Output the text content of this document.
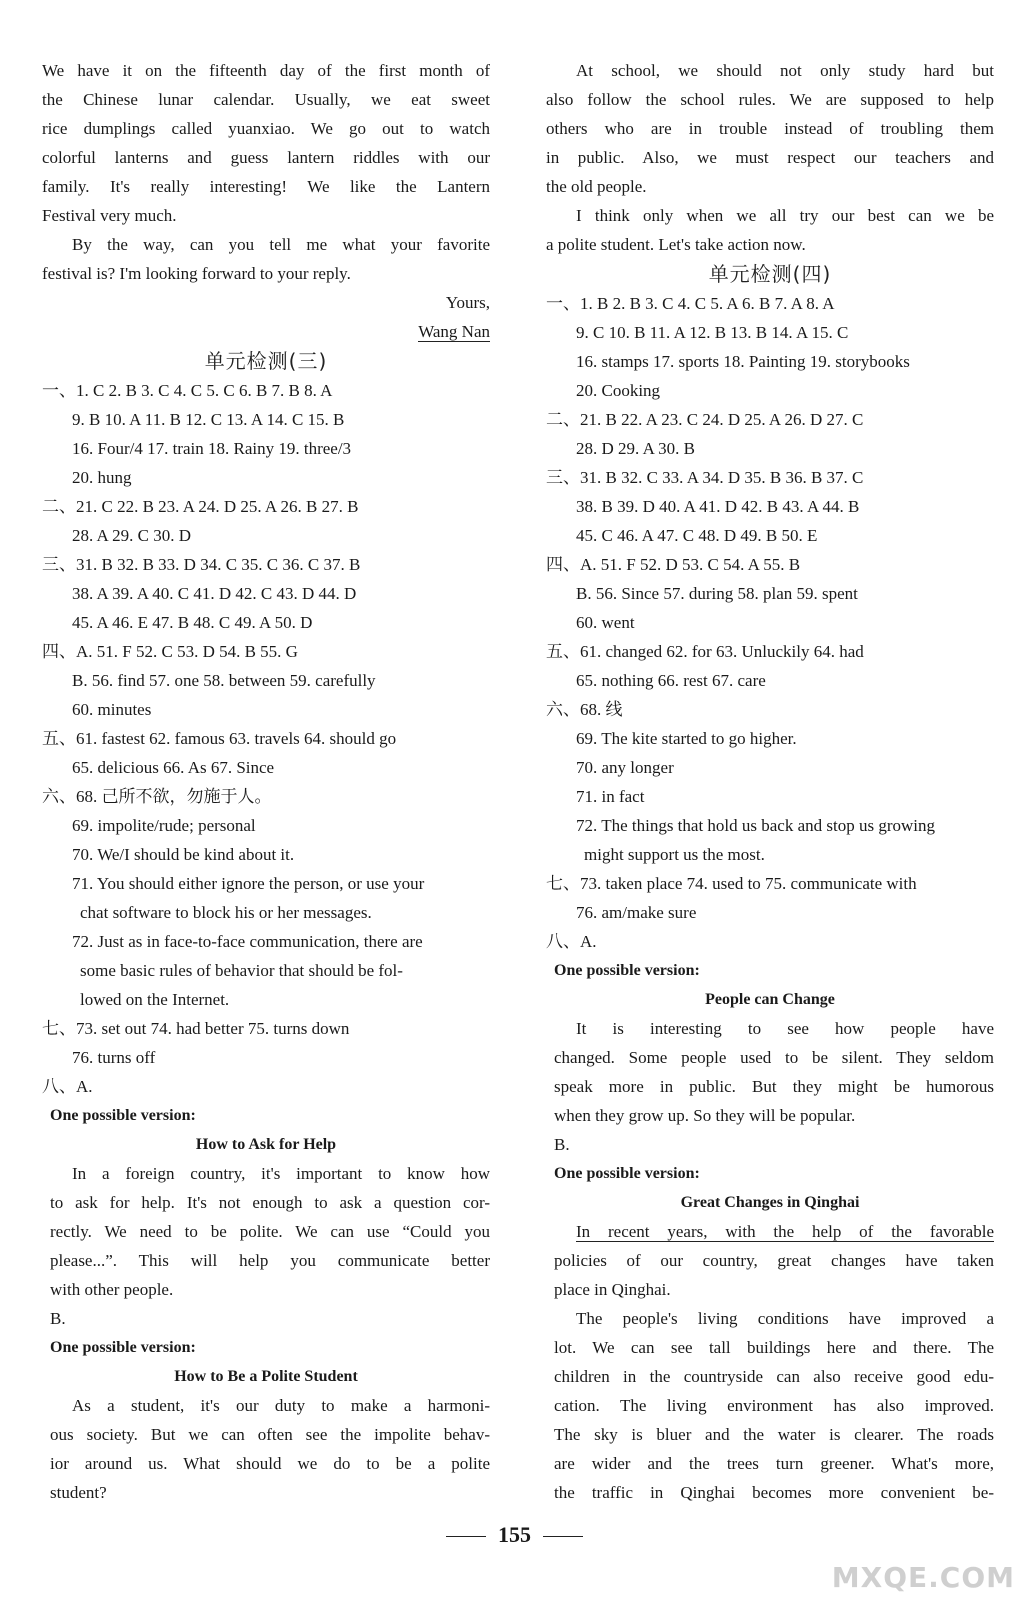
We have it on the fifteenth day of the first month of
the Chinese lunar calendar. Usually, we eat sweet
rice dumplings called yuanxiao. We go out to watch
colorful lanterns and guess lantern riddles with our
family. It's really interesting! We like the Lantern
Festival very much.
By the way, can you tell me what your favorite
festival is? I'm looking forward to your reply.
Yours,
Wang Nan
单元检测(三)
一、1. C 2. B 3. C 4. C 5. C 6. B 7. B 8. A
9. B 10. A 11. B 12. C 13. A 14. C 15. B
16. Four/4 17. train 18. Rainy 19. three/3
20. hung
二、21. C 22. B 23. A 24. D 25. A 26. B 27. B
28. A 29. C 30. D
三、31. B 32. B 33. D 34. C 35. C 36. C 37. B
38. A 39. A 40. C 41. D 42. C 43. D 44. D
45. A 46. E 47. B 48. C 49. A 50. D
四、A. 51. F 52. C 53. D 54. B 55. G
B. 56. find 57. one 58. between 59. carefully
60. minutes
五、61. fastest 62. famous 63. travels 64. should go
65. delicious 66. As 67. Since
六、68. 己所不欲，勿施于人。
69. impolite/rude; personal
70. We/I should be kind about it.
71. You should either ignore the person, or use your
chat software to block his or her messages.
72. Just as in face-to-face communication, there are
some basic rules of behavior that should be fol-
lowed on the Internet.
七、73. set out 74. had better 75. turns down
76. turns off
八、A.
One possible version:
How to Ask for Help
In a foreign country, it's important to know how
to ask for help. It's not enough to ask a question cor-
rectly. We need to be polite. We can use “Could you
please...”. This will help you communicate better
with other people.
B.
One possible version:
How to Be a Polite Student
As a student, it's our duty to make a harmoni-
ous society. But we can often see the impolite behav-
ior around us. What should we do to be a polite
student?
At school, we should not only study hard but
also follow the school rules. We are supposed to help
others who are in trouble instead of troubling them
in public. Also, we must respect our teachers and
the old people.
I think only when we all try our best can we be
a polite student. Let's take action now.
单元检测(四)
一、1. B 2. B 3. C 4. C 5. A 6. B 7. A 8. A
9. C 10. B 11. A 12. B 13. B 14. A 15. C
16. stamps 17. sports 18. Painting 19. storybooks
20. Cooking
二、21. B 22. A 23. C 24. D 25. A 26. D 27. C
28. D 29. A 30. B
三、31. B 32. C 33. A 34. D 35. B 36. B 37. C
38. B 39. D 40. A 41. D 42. B 43. A 44. B
45. C 46. A 47. C 48. D 49. B 50. E
四、A. 51. F 52. D 53. C 54. A 55. B
B. 56. Since 57. during 58. plan 59. spent
60. went
五、61. changed 62. for 63. Unluckily 64. had
65. nothing 66. rest 67. care
六、68. 线
69. The kite started to go higher.
70. any longer
71. in fact
72. The things that hold us back and stop us growing
might support us the most.
七、73. taken place 74. used to 75. communicate with
76. am/make sure
八、A.
One possible version:
People can Change
It is interesting to see how people have
changed. Some people used to be silent. They seldom
speak more in public. But they might be humorous
when they grow up. So they will be popular.
B.
One possible version:
Great Changes in Qinghai
In recent years, with the help of the favorable
policies of our country, great changes have taken
place in Qinghai.
The people's living conditions have improved a
lot. We can see tall buildings here and there. The
children in the countryside can also receive good edu-
cation. The living environment has also improved.
The sky is bluer and the water is clearer. The roads
are wider and the trees turn greener. What's more,
the traffic in Qinghai becomes more convenient be-
155
MXQE.COM
